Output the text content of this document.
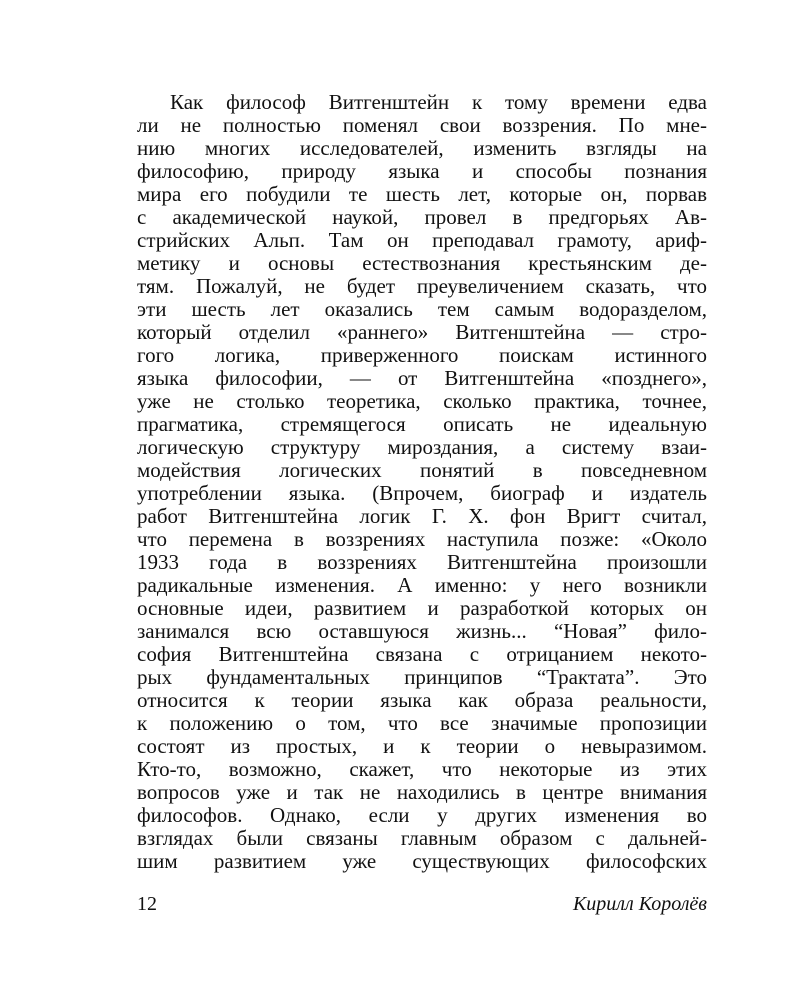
Как философ Витгенштейн к тому времени едва
ли не полностью поменял свои воззрения. По мне-
нию многих исследователей, изменить взгляды на
философию, природу языка и способы познания
мира его побудили те шесть лет, которые он, порвав
с академической наукой, провел в предгорьях Ав-
стрийских Альп. Там он преподавал грамоту, ариф-
метику и основы естествознания крестьянским де-
тям. Пожалуй, не будет преувеличением сказать, что
эти шесть лет оказались тем самым водоразделом,
который отделил «раннего» Витгенштейна — стро-
гого логика, приверженного поискам истинного
языка философии, — от Витгенштейна «позднего»,
уже не столько теоретика, сколько практика, точнее,
прагматика, стремящегося описать не идеальную
логическую структуру мироздания, а систему взаи-
модействия логических понятий в повседневном
употреблении языка. (Впрочем, биограф и издатель
работ Витгенштейна логик Г. Х. фон Вригт считал,
что перемена в воззрениях наступила позже: «Около
1933 года в воззрениях Витгенштейна произошли
радикальные изменения. А именно: у него возникли
основные идеи, развитием и разработкой которых он
занимался всю оставшуюся жизнь... “Новая” фило-
софия Витгенштейна связана с отрицанием некото-
рых фундаментальных принципов “Трактата”. Это
относится к теории языка как образа реальности,
к положению о том, что все значимые пропозиции
состоят из простых, и к теории о невыразимом.
Кто-то, возможно, скажет, что некоторые из этих
вопросов уже и так не находились в центре внимания
философов. Однако, если у других изменения во
взглядах были связаны главным образом с дальней-
шим развитием уже существующих философских
12	Кирилл Королёв
